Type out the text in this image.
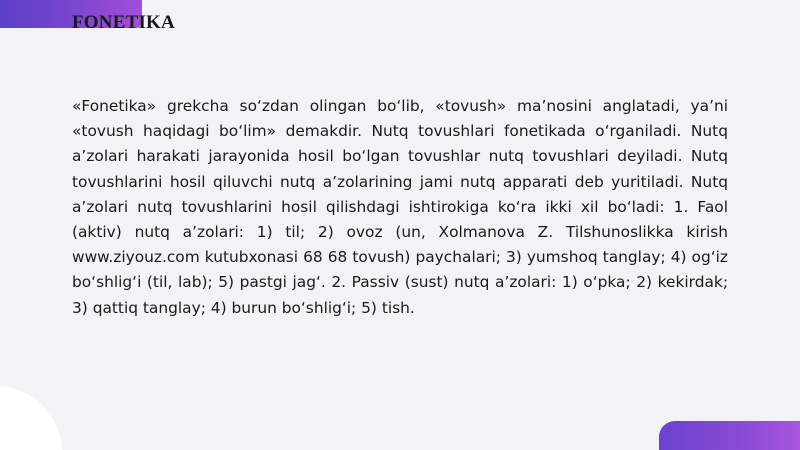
FONETIKA

«Fonetika» grekcha so‘zdan olingan bo‘lib, «tovush» ma’nosini anglatadi, ya’ni «tovush haqidagi bo‘lim» demakdir. Nutq tovushlari fonetikada o‘rganiladi. Nutq a’zolari harakati jarayonida hosil bo‘lgan tovushlar nutq tovushlari deyiladi. Nutq tovushlarini hosil qiluvchi nutq a’zolarining jami nutq apparati deb yuritiladi. Nutq a’zolari nutq tovushlarini hosil qilishdagi ishtirokiga ko‘ra ikki xil bo‘ladi: 1. Faol (aktiv) nutq a’zolari: 1) til; 2) ovoz (un, Xolmanova Z. Tilshunoslikka kirish www.ziyouz.com kutubxonasi 68 68 tovush) paychalari; 3) yumshoq tanglay; 4) og‘iz bo‘shlig‘i (til, lab); 5) pastgi jag‘. 2. Passiv (sust) nutq a’zolari: 1) o‘pka; 2) kekirdak; 3) qattiq tanglay; 4) burun bo‘shlig‘i; 5) tish.
